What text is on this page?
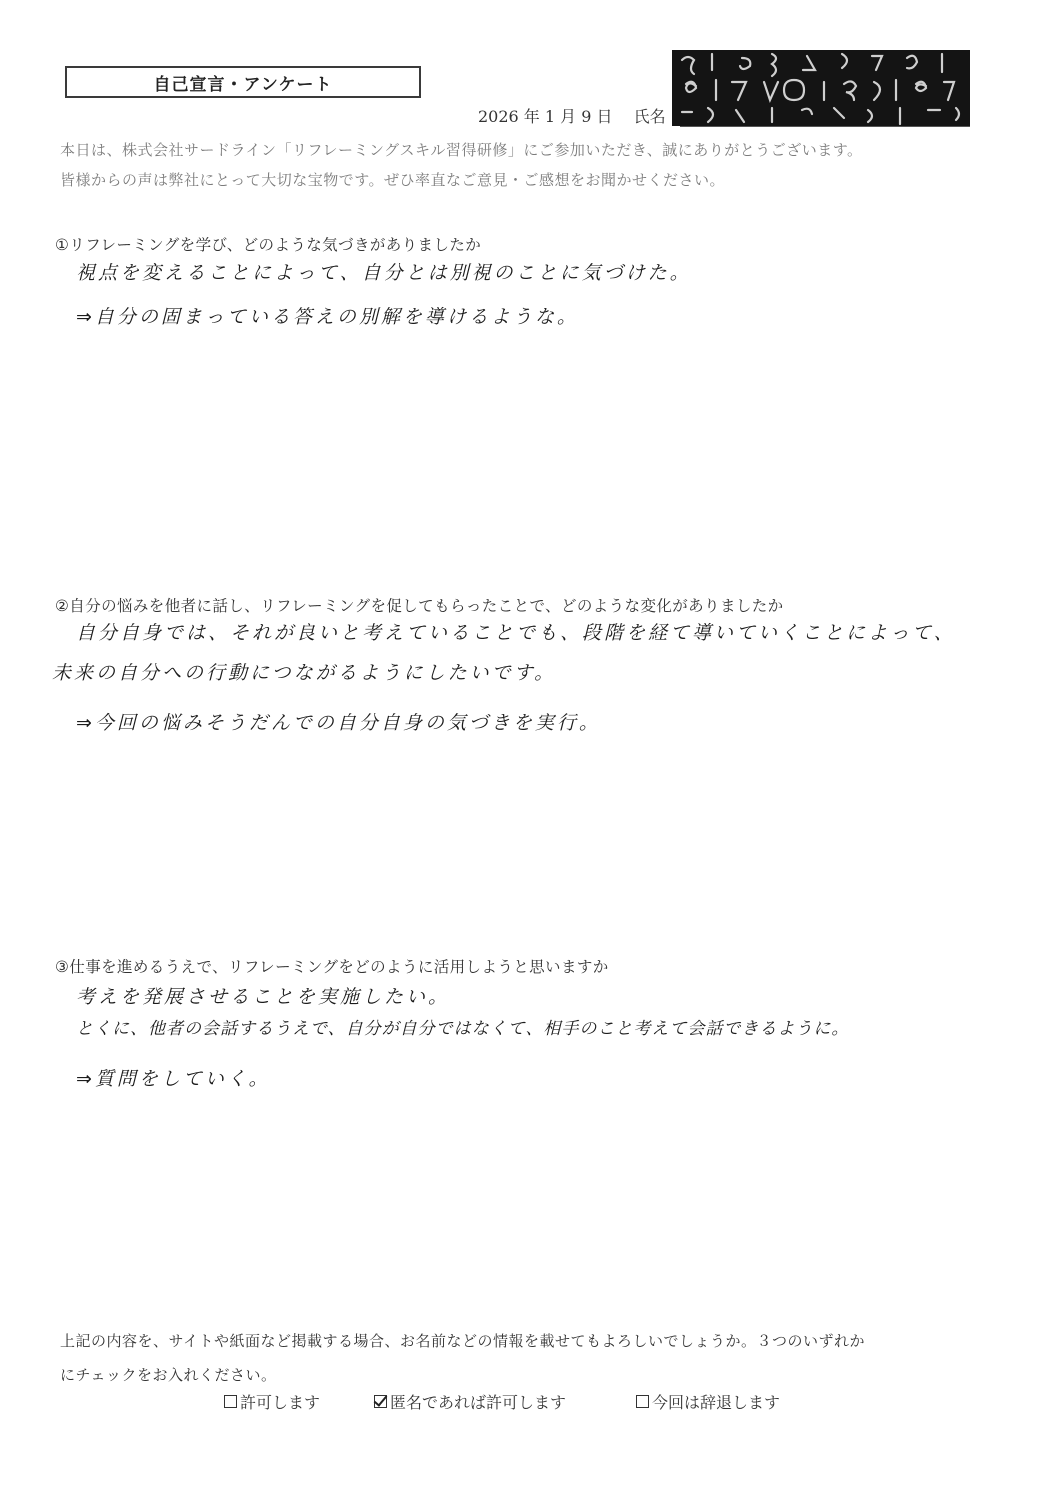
自己宣言・アンケート
2026 年 1 月 9 日 氏名

本日は、株式会社サードライン「リフレーミングスキル習得研修」にご参加いただき、誠にありがとうございます。

皆様からの声は弊社にとって大切な宝物です。ぜひ率直なご意見・ご感想をお聞かせください。

①リフレーミングを学び、どのような気づきがありましたか
視点を変えることによって、自分とは別視のことに気づけた。
⇒自分の固まっている答えの別解を導けるような。
②自分の悩みを他者に話し、リフレーミングを促してもらったことで、どのような変化がありましたか
自分自身では、それが良いと考えていることでも、段階を経て導いていくことによって、
未来の自分への行動につながるようにしたいです。
⇒今回の悩みそうだんでの自分自身の気づきを実行。
③仕事を進めるうえで、リフレーミングをどのように活用しようと思いますか
考えを発展させることを実施したい。
とくに、他者の会話するうえで、自分が自分ではなくて、相手のこと考えて会話できるように。
⇒質問をしていく。

上記の内容を、サイトや紙面など掲載する場合、お名前などの情報を載せてもよろしいでしょうか。３つのいずれか

にチェックをお入れください。

許可します	匿名であれば許可します	今回は辞退します
